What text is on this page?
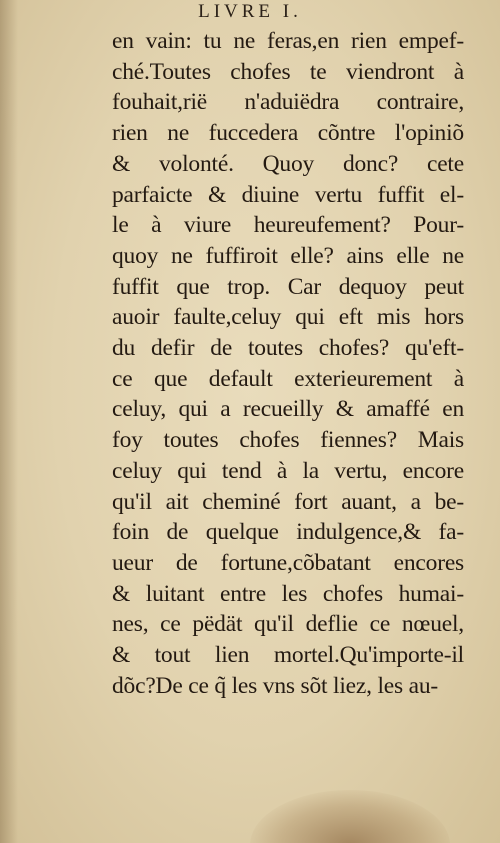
LIVRE I.
en vain: tu ne feras,en rien empef-
ché.Toutes chofes te viendront à
fouhait,rië n'aduiëdra contraire,
rien ne fuccedera cõntre l'opiniõ
& volonté. Quoy donc? cete
parfaicte & diuine vertu fuffit el-
le à viure heureufement? Pour-
quoy ne fuffiroit elle? ains elle ne
fuffit que trop. Car dequoy peut
auoir faulte,celuy qui eft mis hors
du defir de toutes chofes? qu'eft-
ce que default exterieurement à
celuy, qui a recueilly & amaffé en
foy toutes chofes fiennes? Mais
celuy qui tend à la vertu, encore
qu'il ait cheminé fort auant, a be-
foin de quelque indulgence,& fa-
ueur de fortune,cõbatant encores
& luitant entre les chofes humai-
nes, ce pëdät qu'il deflie ce nœuel,
& tout lien mortel.Qu'importe-il
dõc?De ce q̃ les vns sõt liez, les au-
